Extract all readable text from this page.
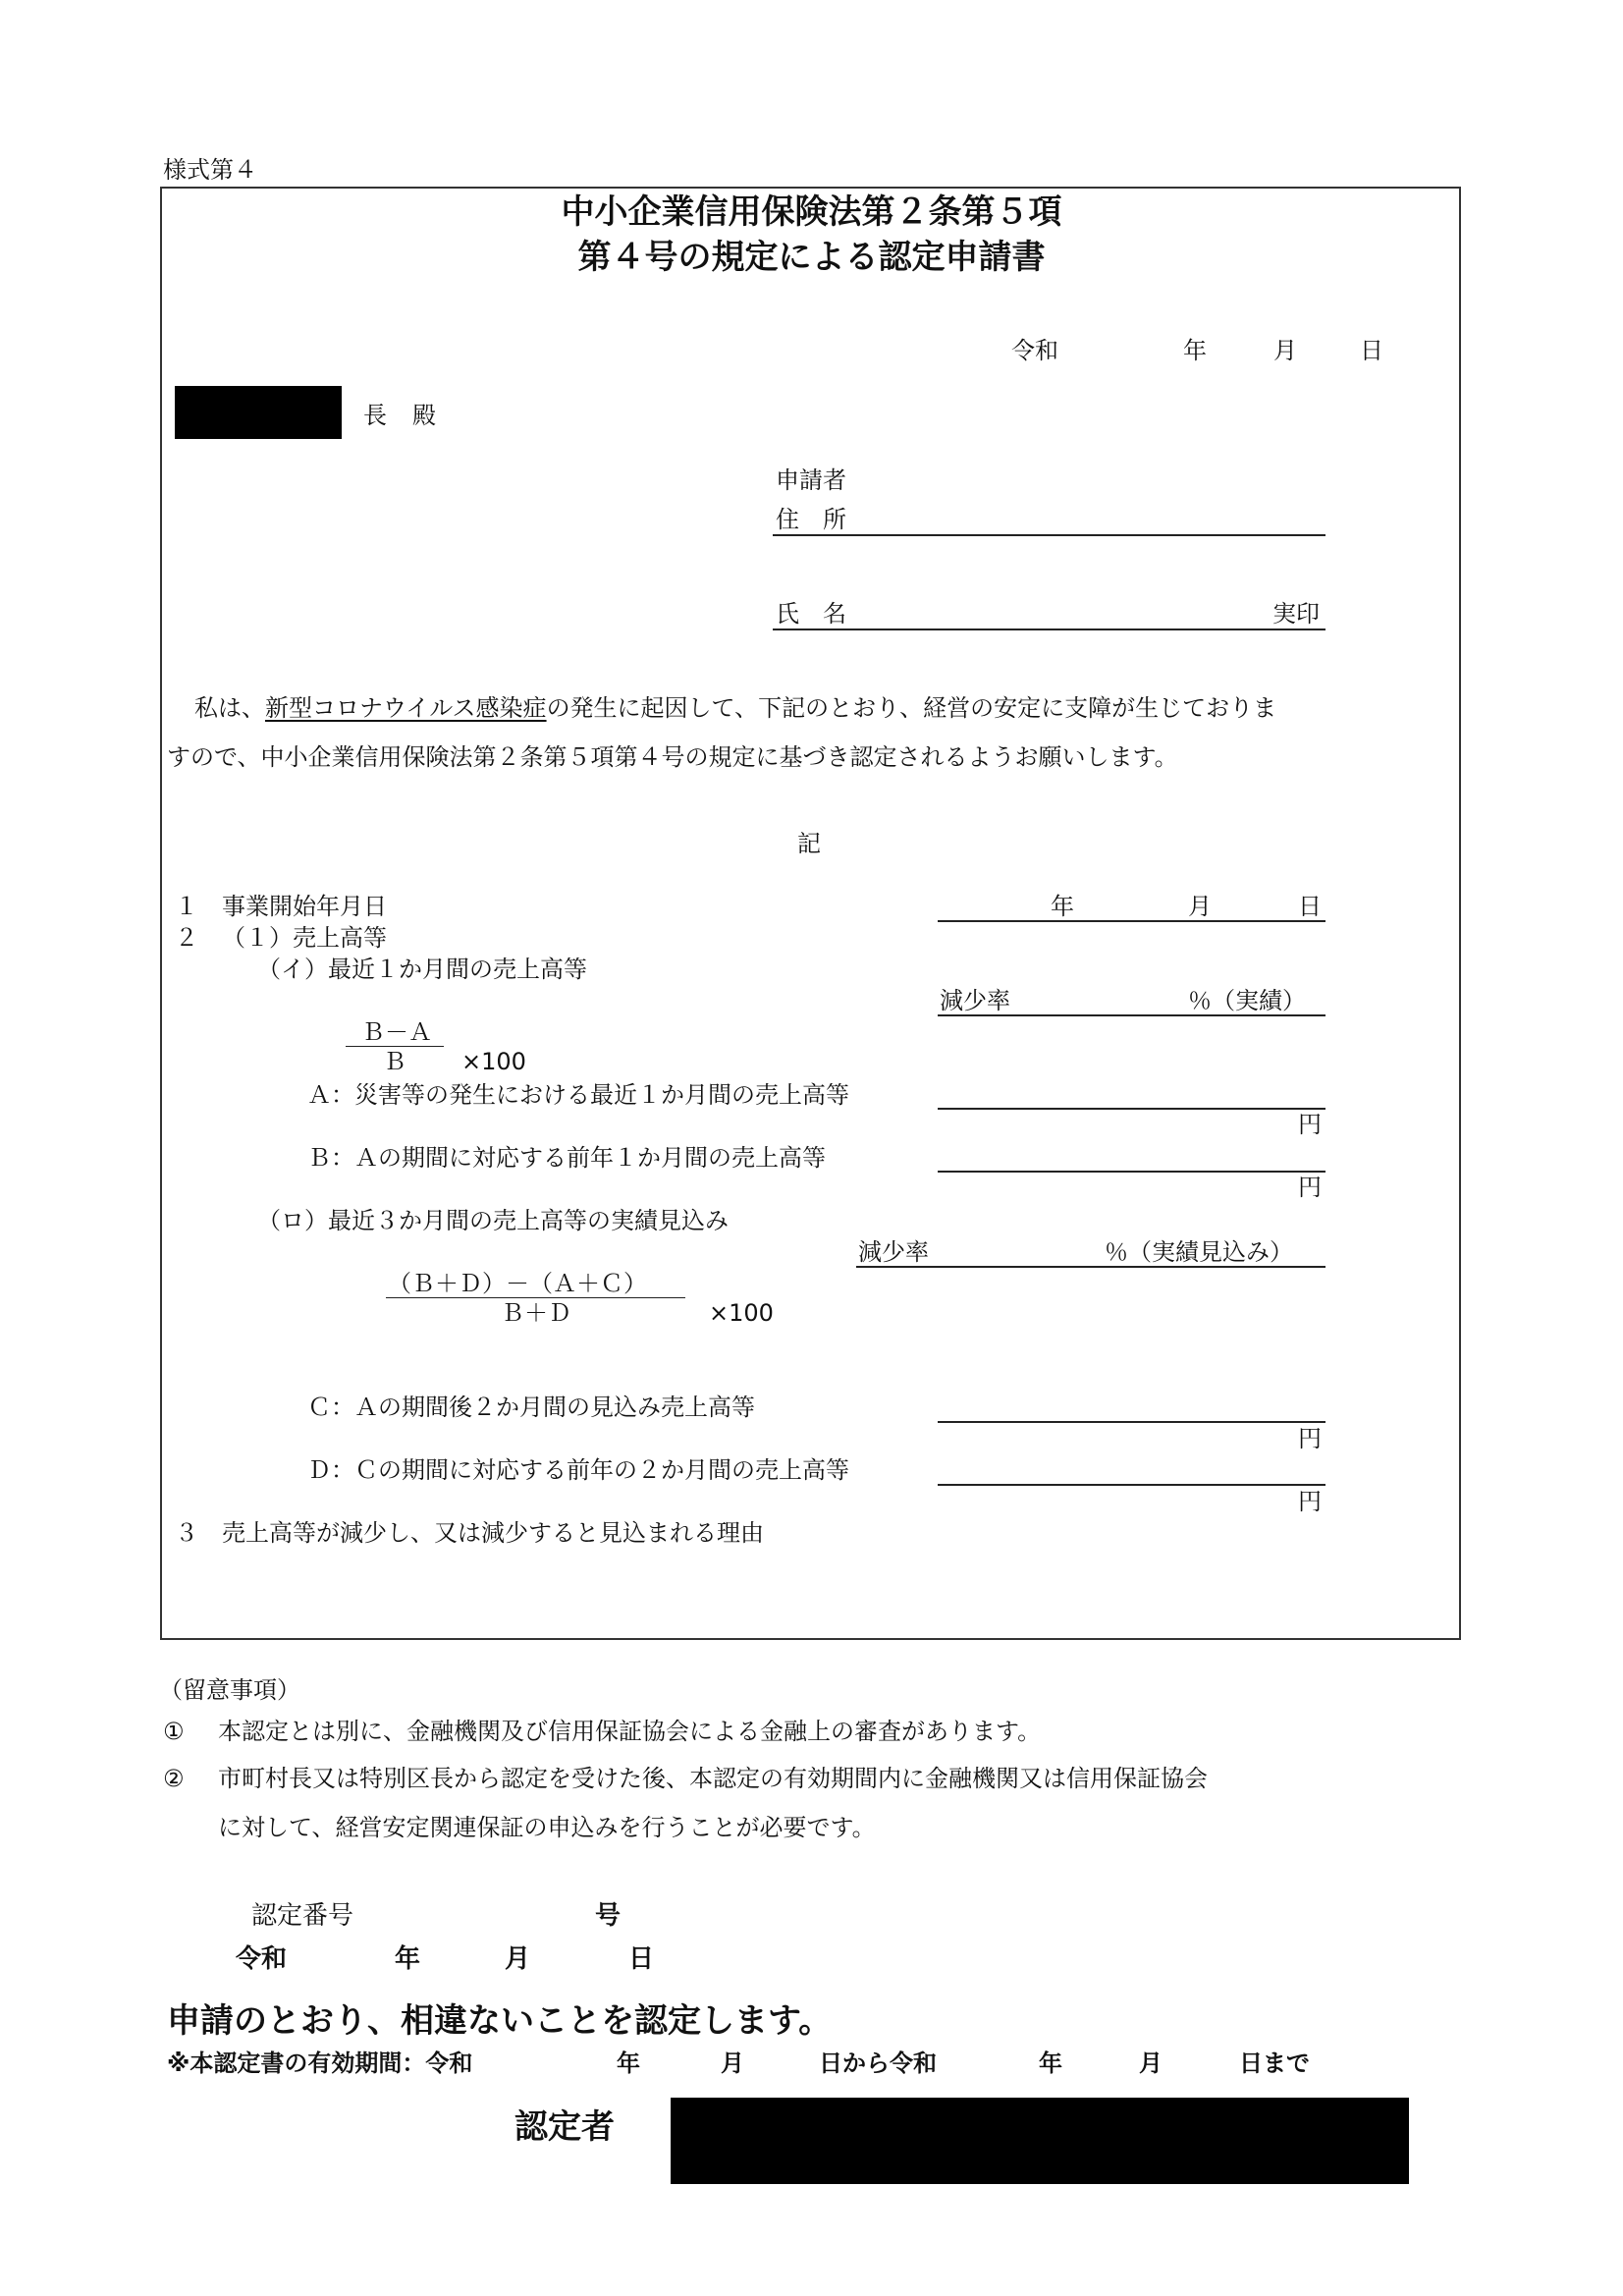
様式第４
中小企業信用保険法第２条第５項
第４号の規定による認定申請書
令和	年	月	日
長 殿
申請者
住　所
氏　名	実印
私は、新型コロナウイルス感染症の発生に起因して、下記のとおり、経営の安定に支障が生じておりま
すので、中小企業信用保険法第２条第５項第４号の規定に基づき認定されるようお願いします。
記
１ 事業開始年月日	年	月	日
２ （１）売上高等
（イ）最近１か月間の売上高等
減少率	％（実績）
Ｂ－Ａ
Ｂ ×100
Ａ：災害等の発生における最近１か月間の売上高等
円
Ｂ：Ａの期間に対応する前年１か月間の売上高等
円
（ロ）最近３か月間の売上高等の実績見込み
減少率	％（実績見込み）
（Ｂ＋Ｄ）－（Ａ＋Ｃ）
Ｂ＋Ｄ	×100
Ｃ：Ａの期間後２か月間の見込み売上高等
円
Ｄ：Ｃの期間に対応する前年の２か月間の売上高等
円
３ 売上高等が減少し、又は減少すると見込まれる理由
（留意事項）
① 本認定とは別に、金融機関及び信用保証協会による金融上の審査があります。
② 市町村長又は特別区長から認定を受けた後、本認定の有効期間内に金融機関又は信用保証協会
に対して、経営安定関連保証の申込みを行うことが必要です。
認定番号	号
令和	年	月	日
申請のとおり、相違ないことを認定します。
※本認定書の有効期間：令和	年	月	日から令和	年	月	日まで
認定者
